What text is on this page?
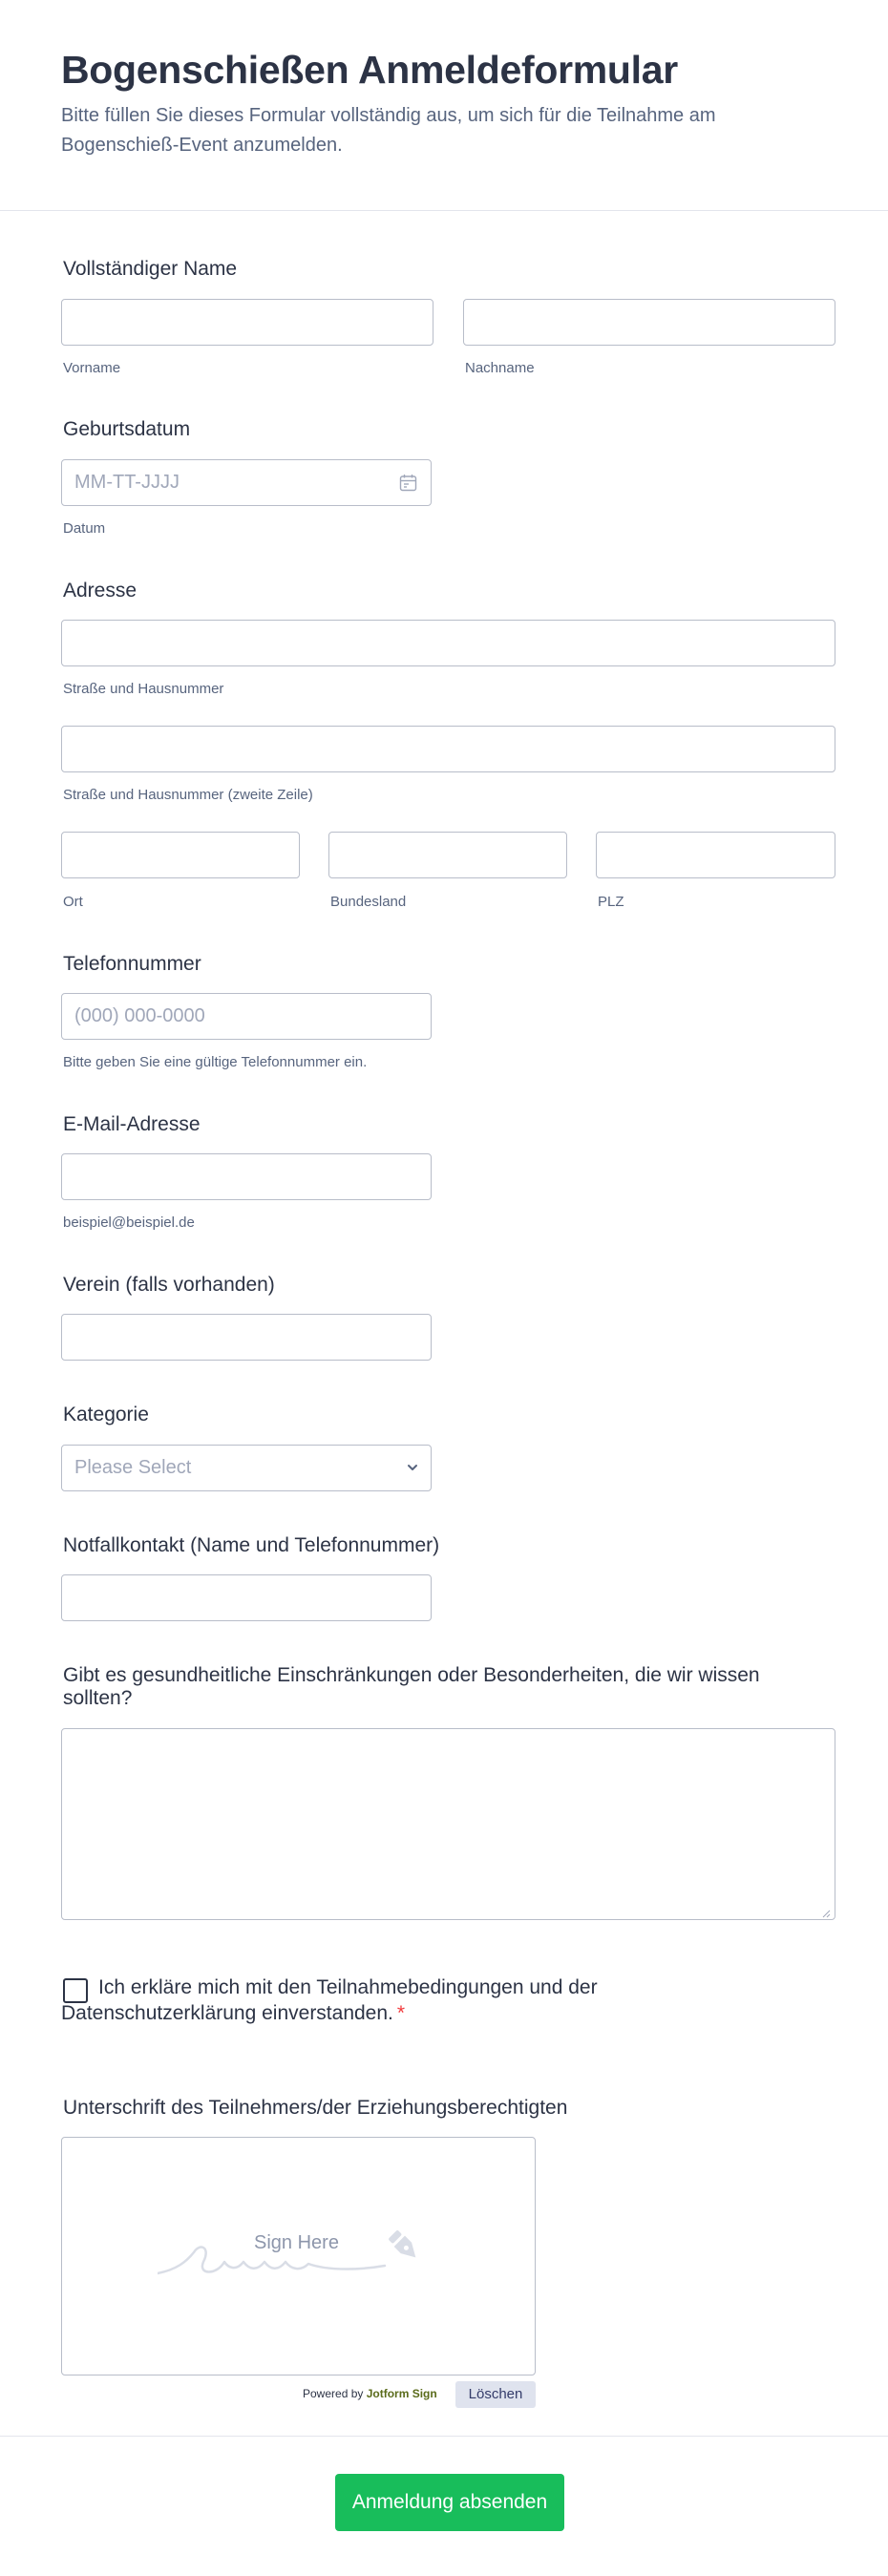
Bogenschießen Anmeldeformular
Bitte füllen Sie dieses Formular vollständig aus, um sich für die Teilnahme am Bogenschieß-Event anzumelden.
Vollständiger Name
Vorname	Nachname
Geburtsdatum
MM-TT-JJJJ
Datum
Adresse
Straße und Hausnummer
Straße und Hausnummer (zweite Zeile)
Ort	Bundesland	PLZ
Telefonnummer
(000) 000-0000
Bitte geben Sie eine gültige Telefonnummer ein.
E-Mail-Adresse
beispiel@beispiel.de
Verein (falls vorhanden)
Kategorie
Please Select
Notfallkontakt (Name und Telefonnummer)
Gibt es gesundheitliche Einschränkungen oder Besonderheiten, die wir wissen
sollten?
Ich erkläre mich mit den Teilnahmebedingungen und der
Datenschutzerklärung einverstanden. *
Unterschrift des Teilnehmers/der Erziehungsberechtigten
Sign Here
Powered by Jotform Sign	Löschen
Anmeldung absenden
